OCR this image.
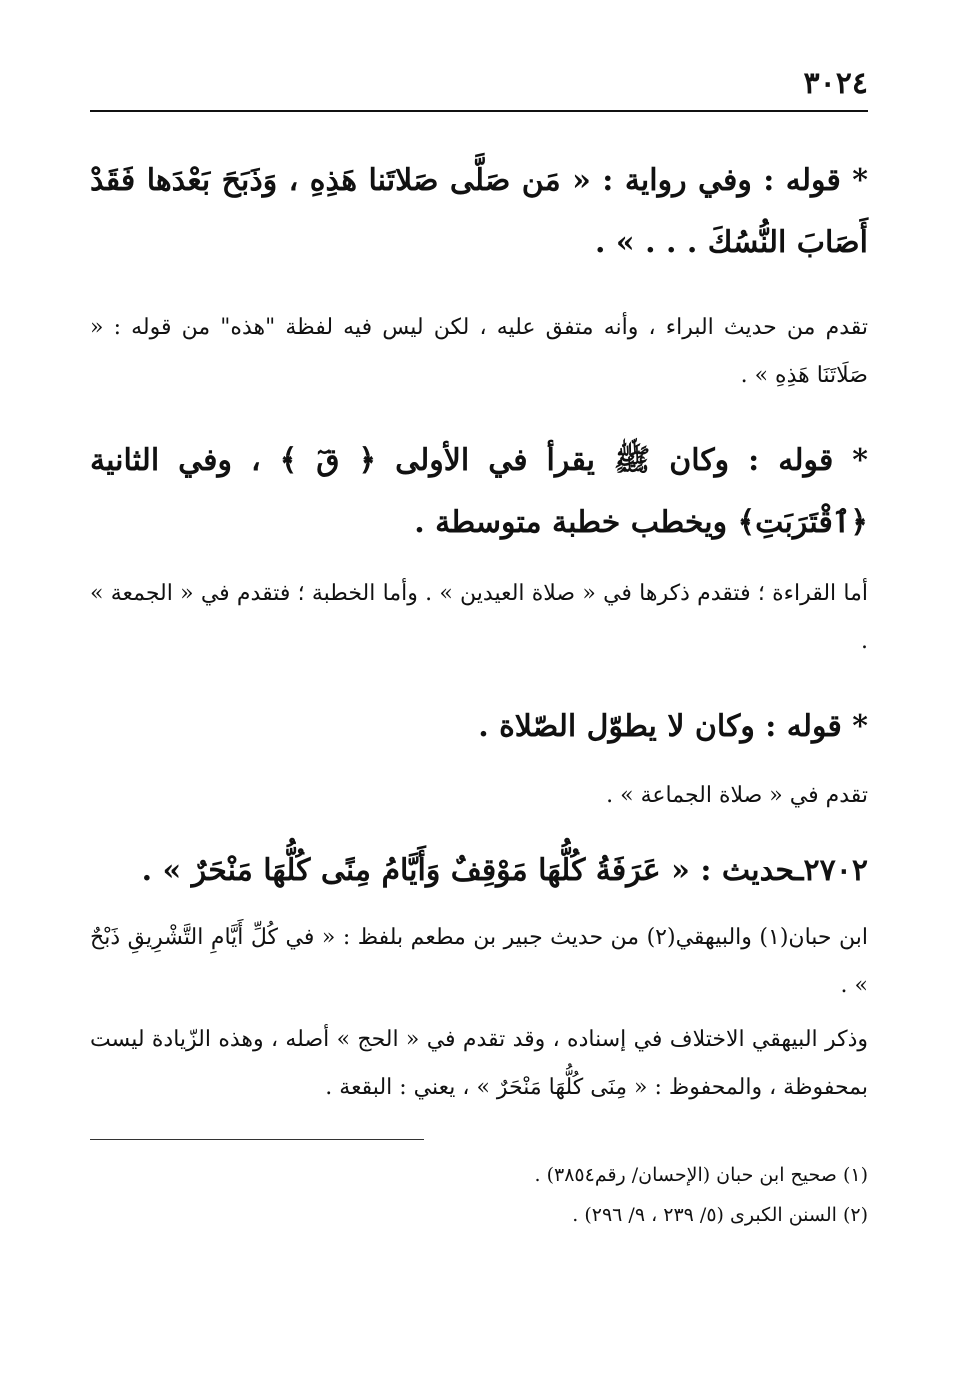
٣٠٢٤
* قوله : وفي رواية : « مَن صَلَّى صَلاتَنا هَذِهِ ، وَذَبَحَ بَعْدَها فَقَدْ أَصَابَ النُّسُكَ . . . » .
تقدم من حديث البراء ، وأنه متفق عليه ، لكن ليس فيه لفظة "هذه" من قوله : « صَلَاتَنَا هَذِهِ » .
* قوله : وكان ﷺ يقرأ في الأولى ﴿ قٓ ﴾ ، وفي الثانية ﴿ٱقْتَرَبَتِ﴾ ويخطب خطبة متوسطة .
أما القراءة ؛ فتقدم ذكرها في « صلاة العيدين » . وأما الخطبة ؛ فتقدم في « الجمعة » .
* قوله : وكان لا يطوّل الصّلاة .
تقدم في « صلاة الجماعة » .
٢٧٠٢ـحديث : « عَرَفَةُ كُلُّهَا مَوْقِفٌ وَأَيَّامُ مِنًى كُلُّهَا مَنْحَرٌ » .
ابن حبان(١) والبيهقي(٢) من حديث جبير بن مطعم بلفظ : « في كُلِّ أَيَّامِ التَّشْرِيقِ ذَبْحٌ » .
وذكر البيهقي الاختلاف في إسناده ، وقد تقدم في « الحج » أصله ، وهذه الزّيادة ليست بمحفوظة ، والمحفوظ : « مِنَى كُلُّهَا مَنْحَرٌ » ، يعني : البقعة .
(١) صحيح ابن حبان (الإحسان/ رقم٣٨٥٤) .
(٢) السنن الكبرى (٥/ ٢٣٩ ، ٩/ ٢٩٦) .
